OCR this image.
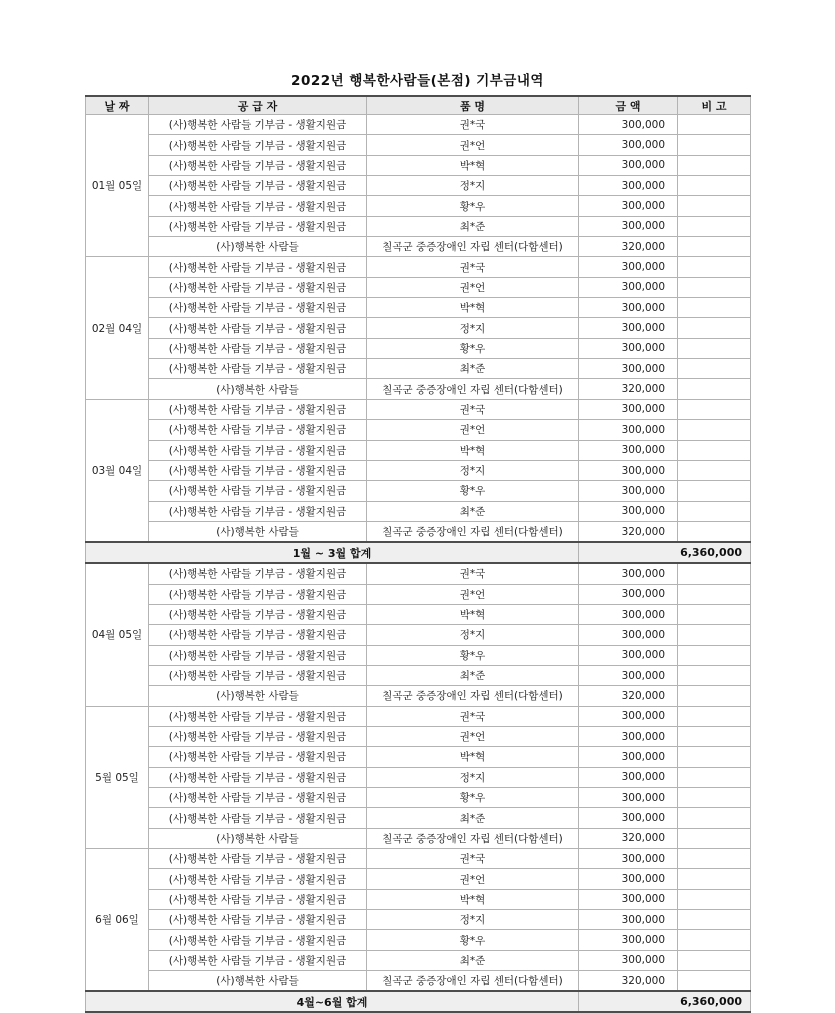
2022년 행복한사람들(본점) 기부금내역
날 짜	공 급 자	품 명	금 액	비 고
01월 05일	(사)행복한 사람들 기부금 - 생활지원금	권*국	300,000	
	(사)행복한 사람들 기부금 - 생활지원금	권*언	300,000	
	(사)행복한 사람들 기부금 - 생활지원금	박*혁	300,000	
	(사)행복한 사람들 기부금 - 생활지원금	정*지	300,000	
	(사)행복한 사람들 기부금 - 생활지원금	황*우	300,000	
	(사)행복한 사람들 기부금 - 생활지원금	최*준	300,000	
	(사)행복한 사람들	칠곡군 중증장애인 자립 센터(다함센터)	320,000	
02월 04일	(사)행복한 사람들 기부금 - 생활지원금	권*국	300,000	
	(사)행복한 사람들 기부금 - 생활지원금	권*언	300,000	
	(사)행복한 사람들 기부금 - 생활지원금	박*혁	300,000	
	(사)행복한 사람들 기부금 - 생활지원금	정*지	300,000	
	(사)행복한 사람들 기부금 - 생활지원금	황*우	300,000	
	(사)행복한 사람들 기부금 - 생활지원금	최*준	300,000	
	(사)행복한 사람들	칠곡군 중증장애인 자립 센터(다함센터)	320,000	
03월 04일	(사)행복한 사람들 기부금 - 생활지원금	권*국	300,000	
	(사)행복한 사람들 기부금 - 생활지원금	권*언	300,000	
	(사)행복한 사람들 기부금 - 생활지원금	박*혁	300,000	
	(사)행복한 사람들 기부금 - 생활지원금	정*지	300,000	
	(사)행복한 사람들 기부금 - 생활지원금	황*우	300,000	
	(사)행복한 사람들 기부금 - 생활지원금	최*준	300,000	
	(사)행복한 사람들	칠곡군 중증장애인 자립 센터(다함센터)	320,000	
1월 ~ 3월 합계			6,360,000	
04월 05일	(사)행복한 사람들 기부금 - 생활지원금	권*국	300,000	
	(사)행복한 사람들 기부금 - 생활지원금	권*언	300,000	
	(사)행복한 사람들 기부금 - 생활지원금	박*혁	300,000	
	(사)행복한 사람들 기부금 - 생활지원금	정*지	300,000	
	(사)행복한 사람들 기부금 - 생활지원금	황*우	300,000	
	(사)행복한 사람들 기부금 - 생활지원금	최*준	300,000	
	(사)행복한 사람들	칠곡군 중증장애인 자립 센터(다함센터)	320,000	
5월 05일	(사)행복한 사람들 기부금 - 생활지원금	권*국	300,000	
	(사)행복한 사람들 기부금 - 생활지원금	권*언	300,000	
	(사)행복한 사람들 기부금 - 생활지원금	박*혁	300,000	
	(사)행복한 사람들 기부금 - 생활지원금	정*지	300,000	
	(사)행복한 사람들 기부금 - 생활지원금	황*우	300,000	
	(사)행복한 사람들 기부금 - 생활지원금	최*준	300,000	
	(사)행복한 사람들	칠곡군 중증장애인 자립 센터(다함센터)	320,000	
6월 06일	(사)행복한 사람들 기부금 - 생활지원금	권*국	300,000	
	(사)행복한 사람들 기부금 - 생활지원금	권*언	300,000	
	(사)행복한 사람들 기부금 - 생활지원금	박*혁	300,000	
	(사)행복한 사람들 기부금 - 생활지원금	정*지	300,000	
	(사)행복한 사람들 기부금 - 생활지원금	황*우	300,000	
	(사)행복한 사람들 기부금 - 생활지원금	최*준	300,000	
	(사)행복한 사람들	칠곡군 중증장애인 자립 센터(다함센터)	320,000	
4월~6월 합계			6,360,000	
